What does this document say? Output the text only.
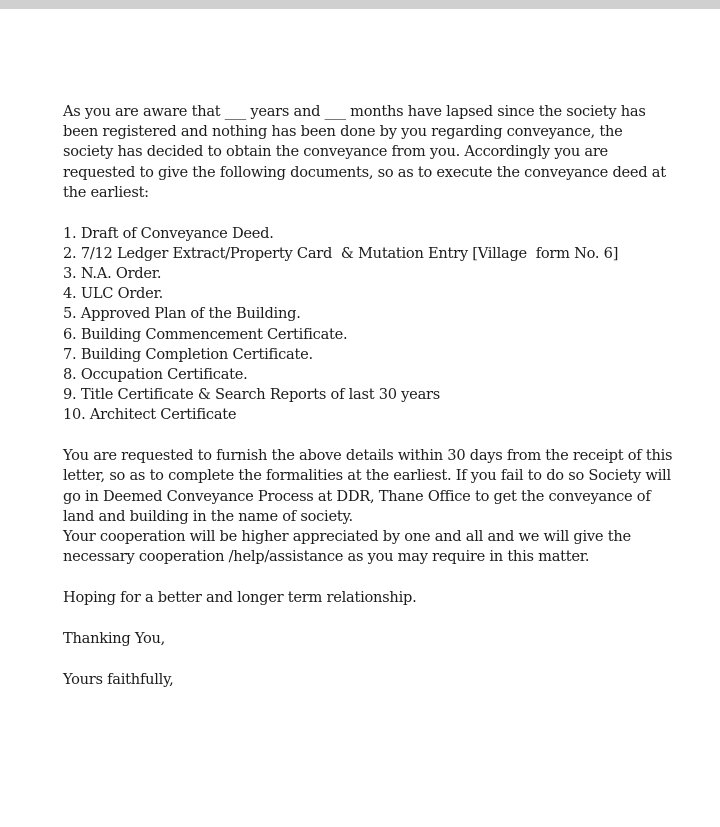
As you are aware that ___ years and ___ months have lapsed since the society has been registered and nothing has been done by you regarding conveyance, the society has decided to obtain the conveyance from you. Accordingly you are requested to give the following documents, so as to execute the conveyance deed at the earliest:

1. Draft of Conveyance Deed.
2. 7/12 Ledger Extract/Property Card  & Mutation Entry [Village  form No. 6]
3. N.A. Order.
4. ULC Order.
5. Approved Plan of the Building.
6. Building Commencement Certificate.
7. Building Completion Certificate.
8. Occupation Certificate.
9. Title Certificate & Search Reports of last 30 years
10. Architect Certificate

You are requested to furnish the above details within 30 days from the receipt of this letter, so as to complete the formalities at the earliest. If you fail to do so Society will go in Deemed Conveyance Process at DDR, Thane Office to get the conveyance of land and building in the name of society.

Your cooperation will be higher appreciated by one and all and we will give the necessary cooperation /help/assistance as you may require in this matter.

Hoping for a better and longer term relationship.

Thanking You,

Yours faithfully,
